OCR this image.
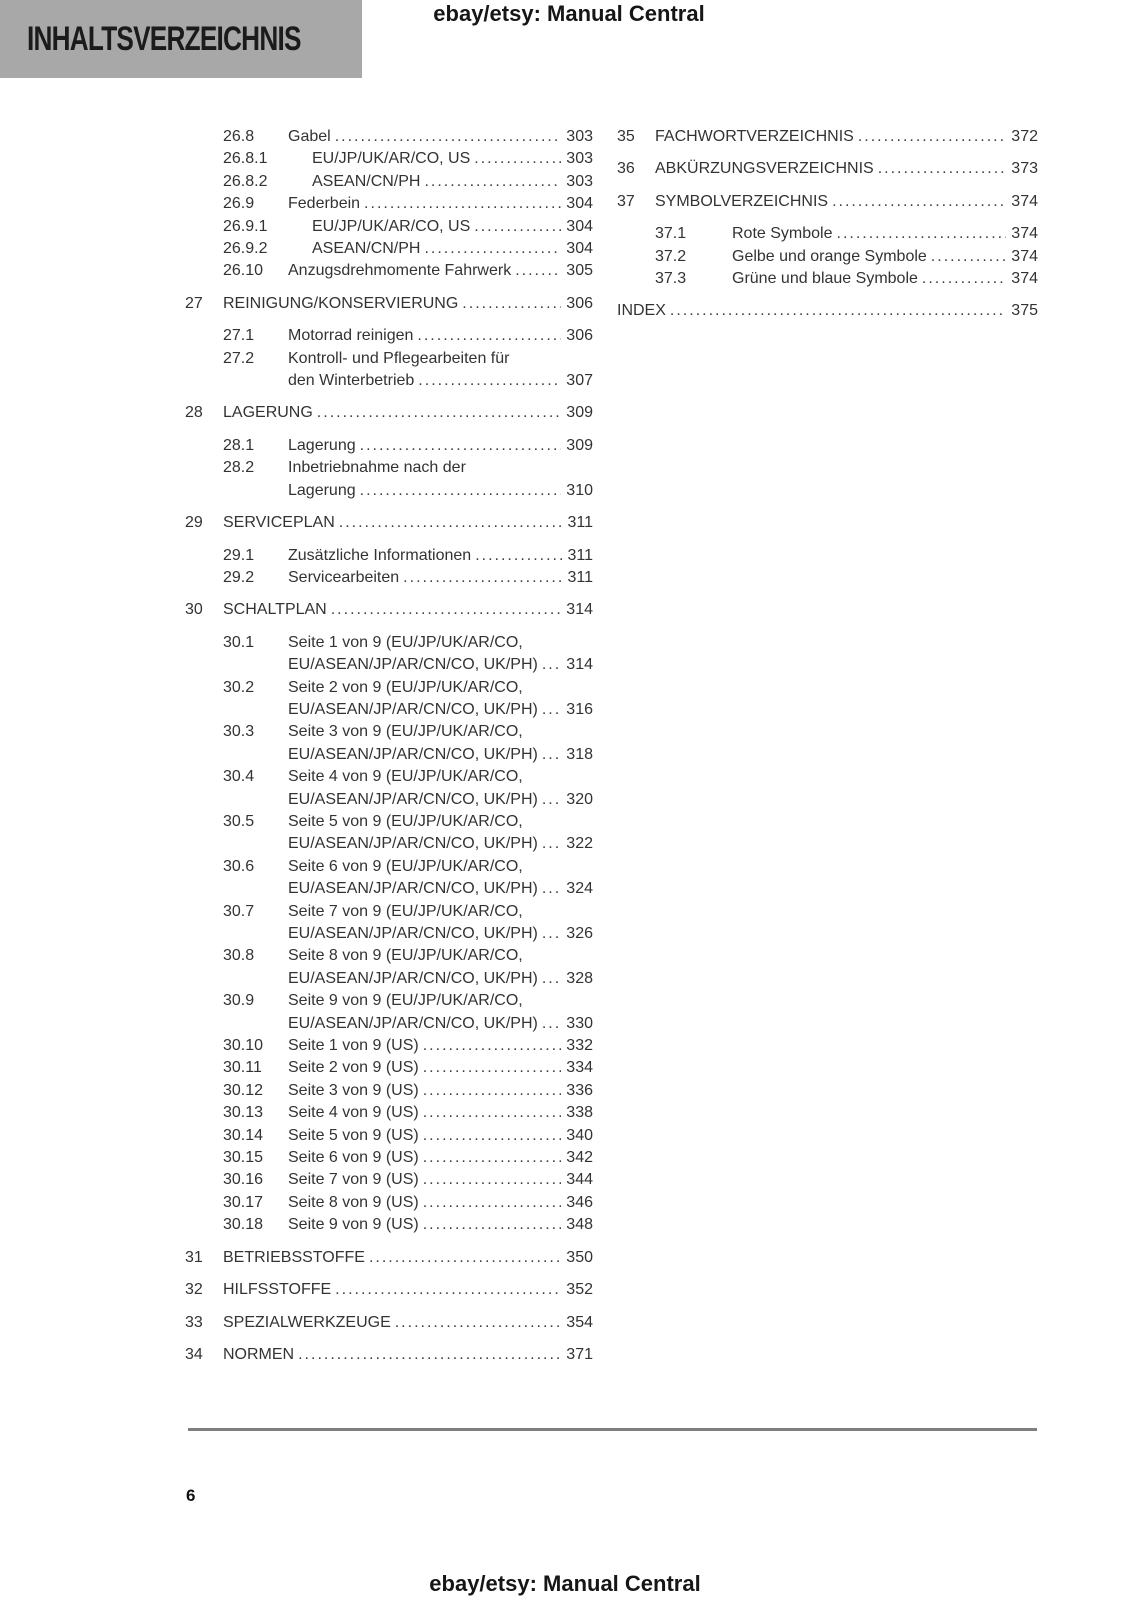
ebay/etsy: Manual Central
INHALTSVERZEICHNIS
26.8	Gabel .....	303
26.8.1	EU/JP/UK/AR/CO, US .....	303
26.8.2	ASEAN/CN/PH .....	303
26.9	Federbein .....	304
26.9.1	EU/JP/UK/AR/CO, US .....	304
26.9.2	ASEAN/CN/PH .....	304
26.10	Anzugsdrehmomente Fahrwerk .....	305
27	REINIGUNG/KONSERVIERUNG .....	306
27.1	Motorrad reinigen .....	306
27.2	Kontroll- und Pflegearbeiten für
den Winterbetrieb .....	307
28	LAGERUNG .....	309
28.1	Lagerung .....	309
28.2	Inbetriebnahme nach der
Lagerung .....	310
29	SERVICEPLAN .....	311
29.1	Zusätzliche Informationen .....	311
29.2	Servicearbeiten .....	311
30	SCHALTPLAN .....	314
30.1	Seite 1 von 9 (EU/JP/UK/AR/CO,
EU/ASEAN/JP/AR/CN/CO, UK/PH) ..... 314
30.2	Seite 2 von 9 (EU/JP/UK/AR/CO,
EU/ASEAN/JP/AR/CN/CO, UK/PH) ..... 316
30.3	Seite 3 von 9 (EU/JP/UK/AR/CO,
EU/ASEAN/JP/AR/CN/CO, UK/PH) ..... 318
30.4	Seite 4 von 9 (EU/JP/UK/AR/CO,
EU/ASEAN/JP/AR/CN/CO, UK/PH) ..... 320
30.5	Seite 5 von 9 (EU/JP/UK/AR/CO,
EU/ASEAN/JP/AR/CN/CO, UK/PH) ..... 322
30.6	Seite 6 von 9 (EU/JP/UK/AR/CO,
EU/ASEAN/JP/AR/CN/CO, UK/PH) ..... 324
30.7	Seite 7 von 9 (EU/JP/UK/AR/CO,
EU/ASEAN/JP/AR/CN/CO, UK/PH) ..... 326
30.8	Seite 8 von 9 (EU/JP/UK/AR/CO,
EU/ASEAN/JP/AR/CN/CO, UK/PH) ..... 328
30.9	Seite 9 von 9 (EU/JP/UK/AR/CO,
EU/ASEAN/JP/AR/CN/CO, UK/PH) ..... 330
30.10	Seite 1 von 9 (US) .....	332
30.11	Seite 2 von 9 (US) .....	334
30.12	Seite 3 von 9 (US) .....	336
30.13	Seite 4 von 9 (US) .....	338
30.14	Seite 5 von 9 (US) .....	340
30.15	Seite 6 von 9 (US) .....	342
30.16	Seite 7 von 9 (US) .....	344
30.17	Seite 8 von 9 (US) .....	346
30.18	Seite 9 von 9 (US) .....	348
31	BETRIEBSSTOFFE .....	350
32	HILFSSTOFFE .....	352
33	SPEZIALWERKZEUGE .....	354
34	NORMEN .....	371
35	FACHWORTVERZEICHNIS .....	372
36	ABKÜRZUNGSVERZEICHNIS .....	373
37	SYMBOLVERZEICHNIS .....	374
37.1	Rote Symbole .....	374
37.2	Gelbe und orange Symbole .....	374
37.3	Grüne und blaue Symbole .....	374
INDEX .....	375
6
ebay/etsy: Manual Central
